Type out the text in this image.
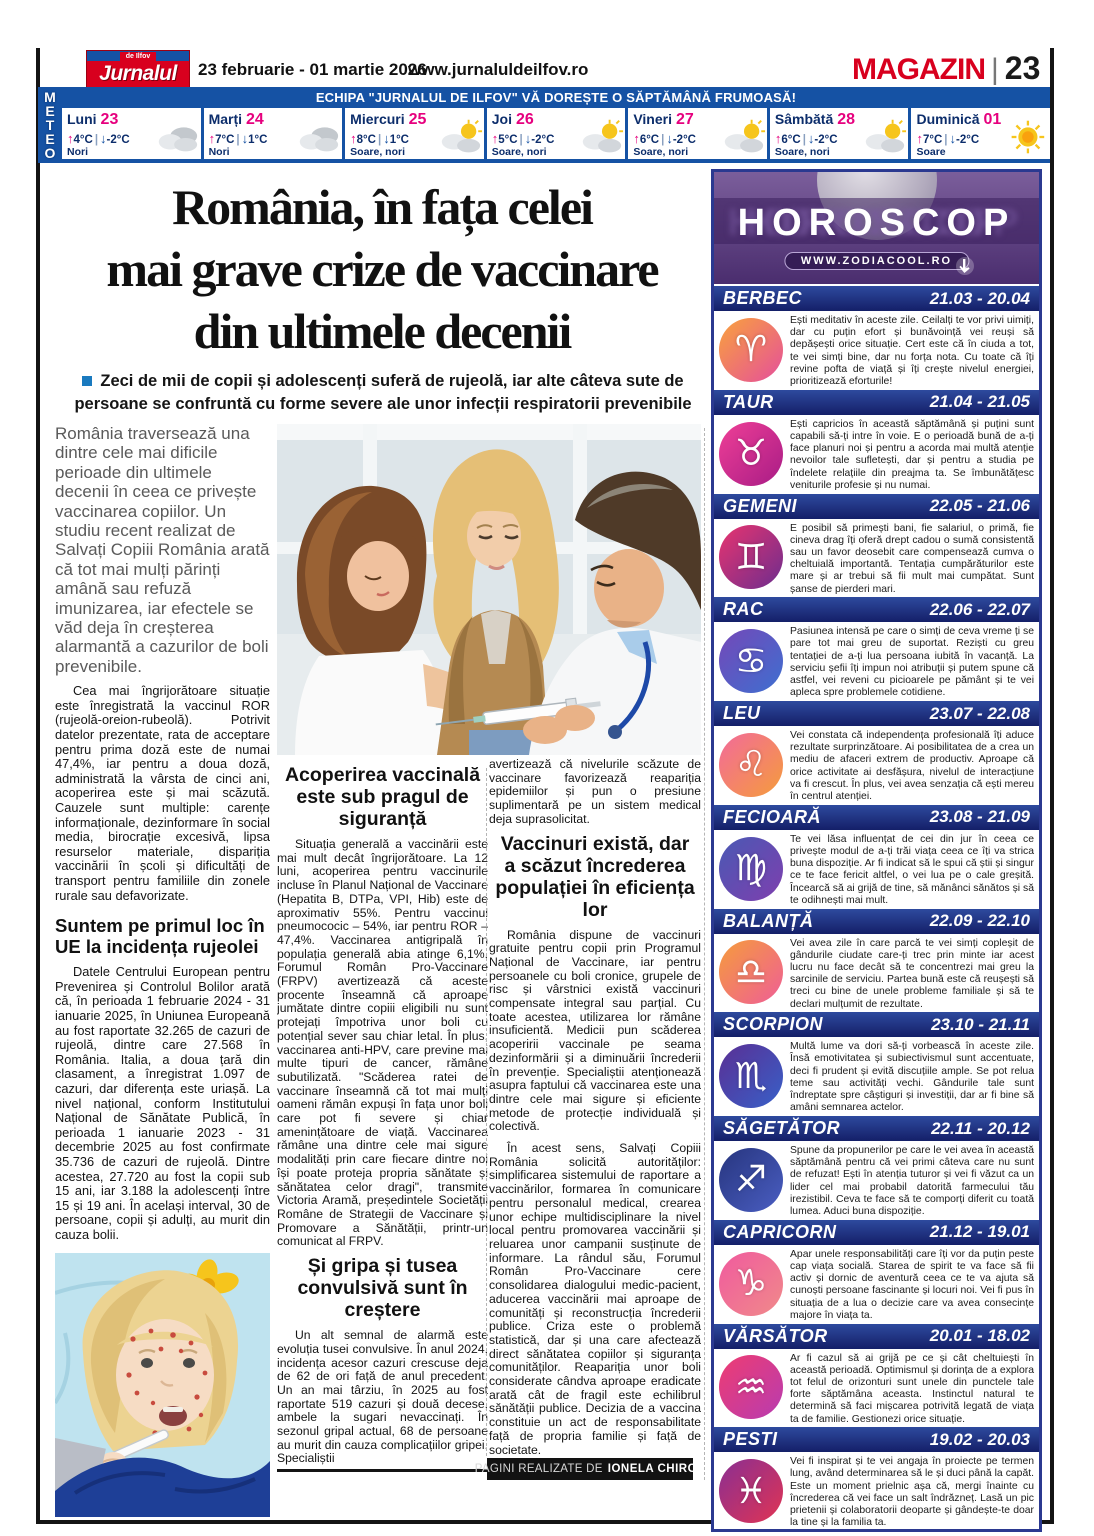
de Ilfov
Jurnalul	23 februarie - 01 martie 2026
www.jurnaluldeilfov.ro	MAGAZIN | 23
M
E
T
E
O
ECHIPA "JURNALUL DE ILFOV" VĂ DOREȘTE O SĂPTĂMÂNĂ FRUMOASĂ!
Luni 23
↑4°C | ↓-2°C
Nori
Marți 24
↑7°C | ↓1°C
Nori
Miercuri 25
↑8°C | ↓1°C
Soare, nori
Joi 26
↑5°C | ↓-2°C
Soare, nori
Vineri 27
↑6°C | ↓-2°C
Soare, nori
Sâmbătă 28
↑6°C | ↓-2°C
Soare, nori
Duminică 01
↑7°C | ↓-2°C
Soare
România, în fața celei
mai grave crize de vaccinare
din ultimele decenii
Zeci de mii de copii și adolescenți suferă de rujeolă, iar alte câteva sute de persoane se confruntă cu forme severe ale unor infecții respiratorii prevenibile
România traversează una dintre cele mai dificile perioade din ultimele decenii în ceea ce privește vaccinarea copiilor. Un studiu recent realizat de Salvați Copiii România arată că tot mai mulți părinți amână sau refuză imunizarea, iar efectele se văd deja în creșterea alarmantă a cazurilor de boli prevenibile.

Cea mai îngrijorătoare situație este înregistrată la vaccinul ROR (rujeolă-oreion-rubeolă). Potrivit datelor prezentate, rata de acceptare pentru prima doză este de numai 47,4%, iar pentru a doua doză, administrată la vârsta de cinci ani, acoperirea este și mai scăzută. Cauzele sunt multiple: carențe informaționale, dezinformare în social media, birocrație excesivă, lipsa resurselor materiale, dispariția vaccinării în școli și dificultăți de transport pentru familiile din zonele rurale sau defavorizate.

Suntem pe primul loc în UE la incidența rujeolei

Datele Centrului European pentru Prevenirea și Controlul Bolilor arată că, în perioada 1 februarie 2024 - 31 ianuarie 2025, în Uniunea Europeană au fost raportate 32.265 de cazuri de rujeolă, dintre care 27.568 în România. Italia, a doua țară din clasament, a înregistrat 1.097 de cazuri, dar diferența este uriașă. La nivel național, conform Institutului Național de Sănătate Publică, în perioada 1 ianuarie 2023 - 31 decembrie 2025 au fost confirmate 35.736 de cazuri de rujeolă. Dintre acestea, 27.720 au fost la copii sub 15 ani, iar 3.188 la adolescenți între 15 și 19 ani. În același interval, 30 de persoane, copii și adulți, au murit din cauza bolii.

Acoperirea vaccinală este sub pragul de siguranță

Situația generală a vaccinării este mai mult decât îngrijorătoare. La 12 luni, acoperirea pentru vaccinurile incluse în Planul Național de Vaccinare (Hepatita B, DTPa, VPI, Hib) este de aproximativ 55%. Pentru vaccinul pneumococic – 54%, iar pentru ROR – 47,4%. Vaccinarea antigripală în populația generală abia atinge 6,1%. Forumul Român Pro-Vaccinare (FRPV) avertizează că aceste procente înseamnă că aproape jumătate dintre copiii eligibili nu sunt protejați împotriva unor boli cu potențial sever sau chiar letal. În plus, vaccinarea anti-HPV, care previne mai multe tipuri de cancer, rămâne subutilizată. "Scăderea ratei de vaccinare înseamnă că tot mai mulți oameni rămân expuși în fața unor boli care pot fi severe și chiar amenințătoare de viață. Vaccinarea rămâne una dintre cele mai sigure modalități prin care fiecare dintre noi își poate proteja propria sănătate și sănătatea celor dragi", transmite Victoria Aramă, președintele Societății Române de Strategii de Vaccinare și Promovare a Sănătății, printr-un comunicat al FRPV.

Și gripa și tusea convulsivă sunt în creștere

Un alt semnal de alarmă este evoluția tusei convulsive. În anul 2024, incidența acesor cazuri crescuse deja de 62 de ori față de anul precedent. Un an mai târziu, în 2025 au fost raportate 519 cazuri și două decese, ambele la sugari nevaccinați. În sezonul gripal actual, 68 de persoane au murit din cauza complicațiilor gripei. Specialiștii

avertizează că nivelurile scăzute de vaccinare favorizează reapariția epidemiilor și pun o presiune suplimentară pe un sistem medical deja suprasolicitat.

Vaccinuri există, dar a scăzut încrederea populației în eficiența lor

România dispune de vaccinuri gratuite pentru copii prin Programul Național de Vaccinare, iar pentru persoanele cu boli cronice, grupele de risc și vârstnici există vaccinuri compensate integral sau parțial. Cu toate acestea, utilizarea lor rămâne insuficientă. Medicii pun scăderea acoperirii vaccinale pe seama dezinformării și a diminuării încrederii în prevenție. Specialiștii atenționează asupra faptului că vaccinarea este una dintre cele mai sigure și eficiente metode de protecție individuală și colectivă.

În acest sens, Salvați Copiii România solicită autorităților: simplificarea sistemului de raportare a vaccinărilor, formarea în comunicare pentru personalul medical, crearea unor echipe multidisciplinare la nivel local pentru promovarea vaccinării și reluarea unor campanii susținute de informare. La rândul său, Forumul Român Pro-Vaccinare cere consolidarea dialogului medic-pacient, aducerea vaccinării mai aproape de comunități și reconstrucția încrederii publice. Criza este o problemă statistică, dar și una care afectează direct sănătatea copiilor și siguranța comunităților. Reapariția unor boli considerate cândva aproape eradicate arată cât de fragil este echilibrul sănătății publice. Decizia de a vaccina constituie un act de responsabilitate față de propria familie și față de societate.

PAGINI REALIZATE DE IONELA CHIRCU
HOROSCOP
WWW.ZODIACOOL.RO
BERBEC	21.03 - 20.04
♈
Ești meditativ în aceste zile. Ceilalți te vor privi uimiți, dar cu puțin efort și bunăvoință vei reuși să depășești orice situație. Cert este că în ciuda a tot, te vei simți bine, dar nu forța nota. Cu toate că îți revine pofta de viață și îți crește nivelul energiei, prioritizează eforturile!
TAUR	21.04 - 21.05
♉
Ești capricios în această săptămână și puțini sunt capabili să-ți intre în voie. E o perioadă bună de a-ți face planuri noi și pentru a acorda mai multă atenție nevoilor tale sufletești, dar și pentru a studia pe îndelete relațiile din preajma ta. Se îmbunătățesc veniturile profesie și nu numai.
GEMENI	22.05 - 21.06
♊
E posibil să primești bani, fie salariul, o primă, fie cineva drag îți oferă drept cadou o sumă consistentă sau un favor deosebit care compensează cumva o cheltuială importantă. Tentația cumpărăturilor este mare și ar trebui să fii mult mai cumpătat. Sunt șanse de pierderi mari.
RAC	22.06 - 22.07
♋
Pasiunea intensă pe care o simți de ceva vreme ți se pare tot mai greu de suportat. Reziști cu greu tentației de a-ți lua persoana iubită în vacanță. La serviciu șefii îți impun noi atribuții și putem spune că astfel, vei reveni cu picioarele pe pământ și te vei apleca spre problemele cotidiene.
LEU	23.07 - 22.08
♌
Vei constata că independența profesională îți aduce rezultate surprinzătoare. Ai posibilitatea de a crea un mediu de afaceri extrem de productiv. Aproape că orice activitate ai desfășura, nivelul de interacțiune va fi crescut. În plus, vei avea senzația că ești mereu în centrul atenției.
FECIOARĂ	23.08 - 21.09
♍
Te vei lăsa influențat de cei din jur în ceea ce privește modul de a-ți trăi viața ceea ce îți va strica buna dispoziție. Ar fi indicat să le spui că știi și singur ce te face fericit altfel, o vei lua pe o cale greșită. Încearcă să ai grijă de tine, să mănânci sănătos și să te odihnești mai mult.
BALANȚĂ	22.09 - 22.10
♎
Vei avea zile în care parcă te vei simți copleșit de gândurile ciudate care-ți trec prin minte iar acest lucru nu face decât să te concentrezi mai greu la sarcinile de serviciu. Partea bună este că reușești să treci cu bine de unele probleme familiale și să te declari mulțumit de rezultate.
SCORPION	23.10 - 21.11
♏
Multă lume va dori să-ți vorbească în aceste zile. Însă emotivitatea și subiectivismul sunt accentuate, deci fi prudent și evită discuțiile ample. Se pot relua teme sau activități vechi. Gândurile tale sunt îndreptate spre câștiguri și investiții, dar ar fi bine să amâni semnarea actelor.
SĂGETĂTOR	22.11 - 20.12
♐
Spune da propunerilor pe care le vei avea în această săptămână pentru că vei primi câteva care nu sunt de refuzat! Ești în atenția tuturor și vei fi văzut ca un lider cel mai probabil datorită farmecului tău irezistibil. Ceva te face să te comporți diferit cu toată lumea. Aduci buna dispoziție.
CAPRICORN	21.12 - 19.01
♑
Apar unele responsabilități care îți vor da puțin peste cap viața socială. Starea de spirit te va face să fii activ și dornic de aventură ceea ce te va ajuta să cunoști persoane fascinante și locuri noi. Vei fi pus în situația de a lua o decizie care va avea consecințe majore în viața ta.
VĂRSĂTOR	20.01 - 18.02
♒
Ar fi cazul să ai grijă pe ce și cât cheltuiești în această perioadă. Optimismul și dorința de a explora tot felul de orizonturi sunt unele din punctele tale forte săptămâna aceasta. Instinctul natural te determină să faci mișcarea potrivită legată de viața ta de familie. Gestionezi orice situație.
PESTI	19.02 - 20.03
♓
Vei fi inspirat și te vei angaja în proiecte pe termen lung, având determinarea să le și duci până la capăt. Este un moment prielnic așa că, mergi înainte cu încrederea că vei face un salt îndrăzneț. Lasă un pic prietenii și colaboratorii deoparte și gândește-te doar la tine și la familia ta.
